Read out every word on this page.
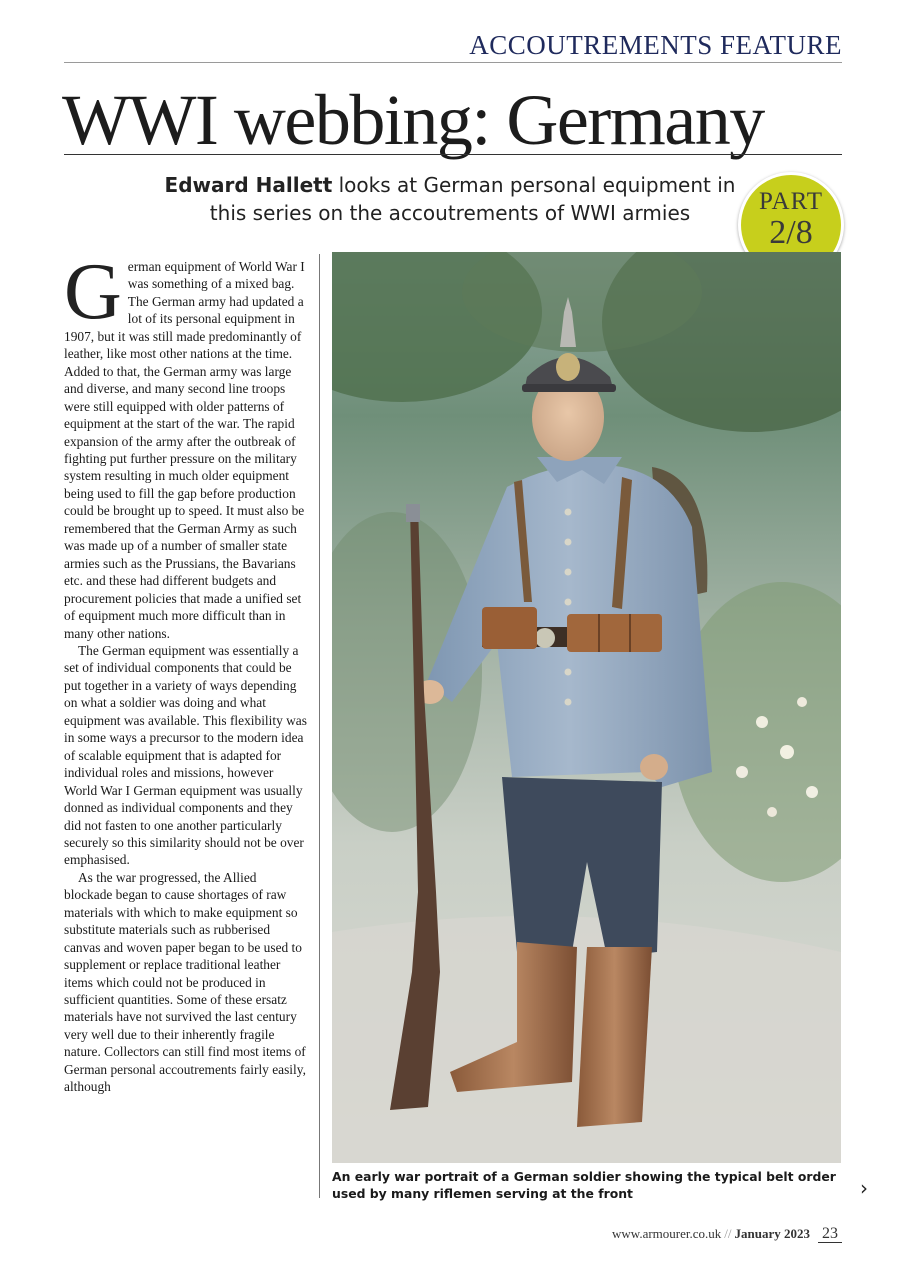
ACCOUTREMENTS FEATURE
WWI webbing: Germany
Edward Hallett looks at German personal equipment in this series on the accoutrements of WWI armies	PART
2/8

German equipment of World War I was something of a mixed bag. The German army had updated a lot of its personal equipment in 1907, but it was still made predominantly of leather, like most other nations at the time. Added to that, the German army was large and diverse, and many second line troops were still equipped with older patterns of equipment at the start of the war. The rapid expansion of the army after the outbreak of fighting put further pressure on the military system resulting in much older equipment being used to fill the gap before production could be brought up to speed. It must also be remembered that the German Army as such was made up of a number of smaller state armies such as the Prussians, the Bavarians etc. and these had different budgets and procurement policies that made a unified set of equipment much more difficult than in many other nations.

The German equipment was essentially a set of individual components that could be put together in a variety of ways depending on what a soldier was doing and what equipment was available. This flexibility was in some ways a precursor to the modern idea of scalable equipment that is adapted for individual roles and missions, however World War I German equipment was usually donned as individual components and they did not fasten to one another particularly securely so this similarity should not be over emphasised.

As the war progressed, the Allied blockade began to cause shortages of raw materials with which to make equipment so substitute materials such as rubberised canvas and woven paper began to be used to supplement or replace traditional leather items which could not be produced in sufficient quantities. Some of these ersatz materials have not survived the last century very well due to their inherently fragile nature. Collectors can still find most items of German personal accoutrements fairly easily, although

An early war portrait of a German soldier showing the typical belt order used by many riflemen serving at the front	›
www.armourer.co.uk // January 2023 23
